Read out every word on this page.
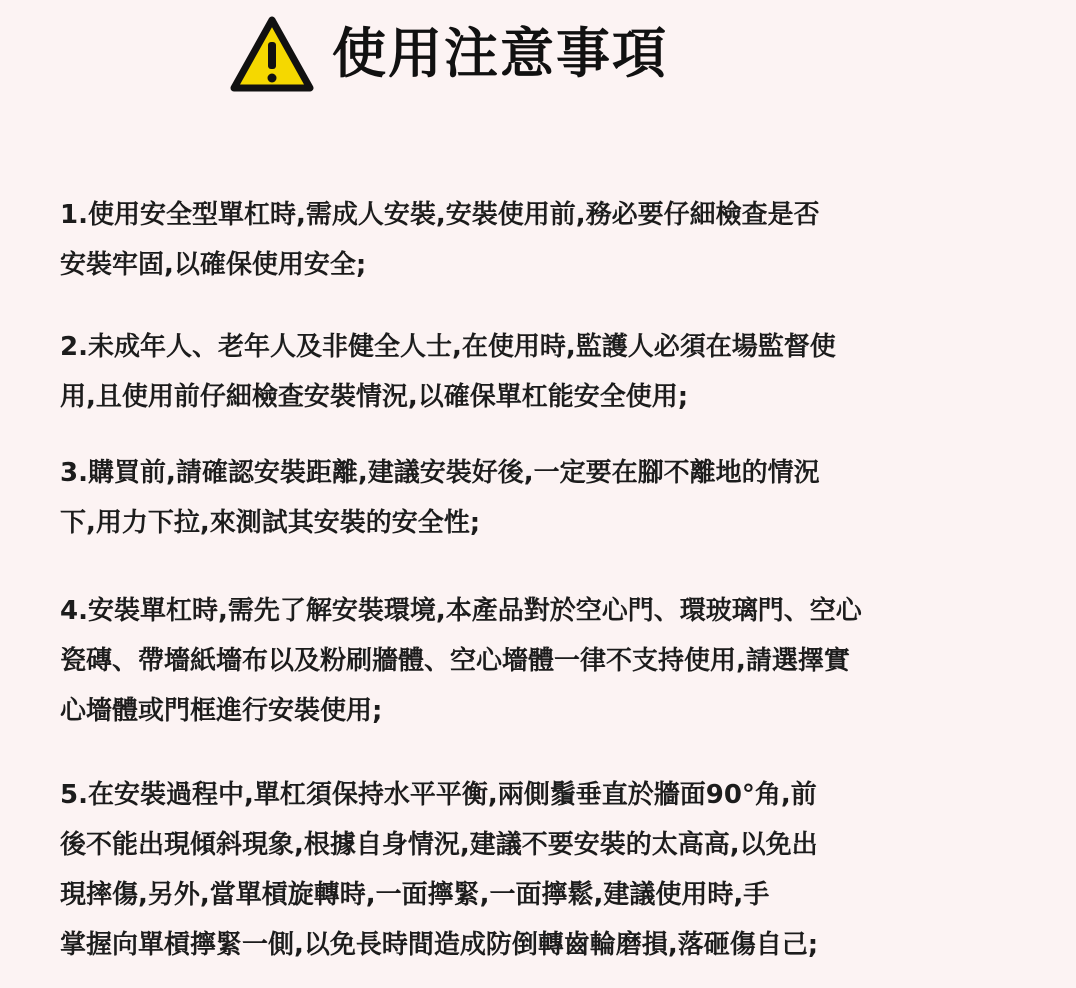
使用注意事項
1.使用安全型單杠時,需成人安裝,安裝使用前,務必要仔細檢查是否
安裝牢固,以確保使用安全;
2.未成年人、老年人及非健全人士,在使用時,監護人必須在場監督使
用,且使用前仔細檢查安裝情況,以確保單杠能安全使用;
3.購買前,請確認安裝距離,建議安裝好後,一定要在腳不離地的情況
下,用力下拉,來測試其安裝的安全性;
4.安裝單杠時,需先了解安裝環境,本產品對於空心門、環玻璃門、空心
瓷磚、帶墻紙墻布以及粉刷牆體、空心墻體一律不支持使用,請選擇實
心墻體或門框進行安裝使用;
5.在安裝過程中,單杠須保持水平平衡,兩側鬚垂直於牆面90°角,前
後不能出現傾斜現象,根據自身情況,建議不要安裝的太高高,以免出
現摔傷,另外,當單槓旋轉時,一面擰緊,一面擰鬆,建議使用時,手
掌握向單槓擰緊一側,以免長時間造成防倒轉齒輪磨損,落砸傷自己;
